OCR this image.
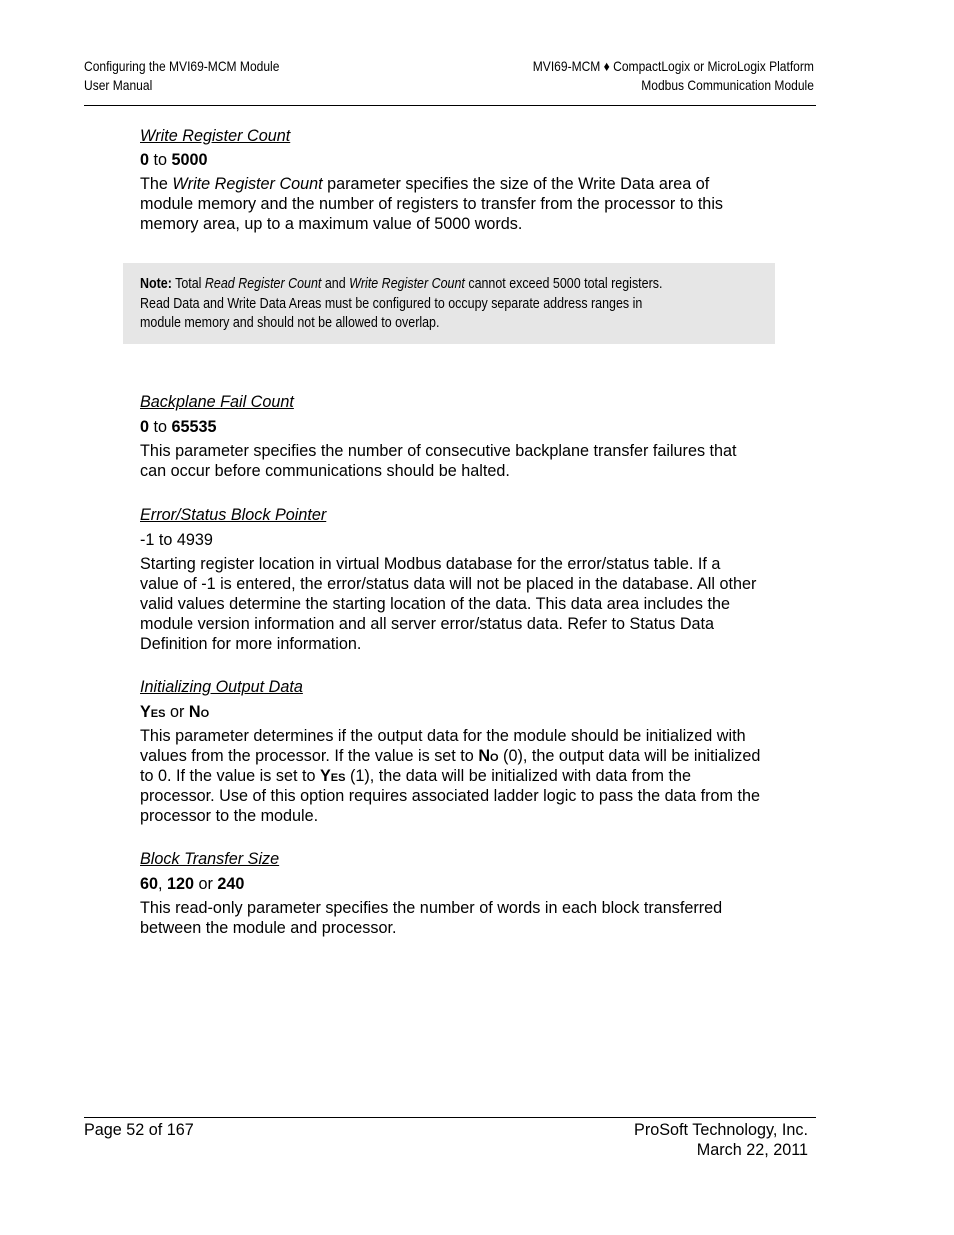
Configuring the MVI69-MCM Module
User Manual
MVI69-MCM ♦ CompactLogix or MicroLogix Platform
Modbus Communication Module
Write Register Count
0 to 5000

The Write Register Count parameter specifies the size of the Write Data area of module memory and the number of registers to transfer from the processor to this memory area, up to a maximum value of 5000 words.

Note: Total Read Register Count and Write Register Count cannot exceed 5000 total registers.
Read Data and Write Data Areas must be configured to occupy separate address ranges in
module memory and should not be allowed to overlap.
Backplane Fail Count
0 to 65535

This parameter specifies the number of consecutive backplane transfer failures that can occur before communications should be halted.

Error/Status Block Pointer
-1 to 4939

Starting register location in virtual Modbus database for the error/status table. If a value of -1 is entered, the error/status data will not be placed in the database. All other valid values determine the starting location of the data. This data area includes the module version information and all server error/status data. Refer to Status Data Definition for more information.

Initializing Output Data
Yes or No

This parameter determines if the output data for the module should be initialized with values from the processor. If the value is set to No (0), the output data will be initialized to 0. If the value is set to Yes (1), the data will be initialized with data from the processor. Use of this option requires associated ladder logic to pass the data from the processor to the module.

Block Transfer Size
60, 120 or 240

This read-only parameter specifies the number of words in each block transferred between the module and processor.

Page 52 of 167	ProSoft Technology, Inc.
March 22, 2011
